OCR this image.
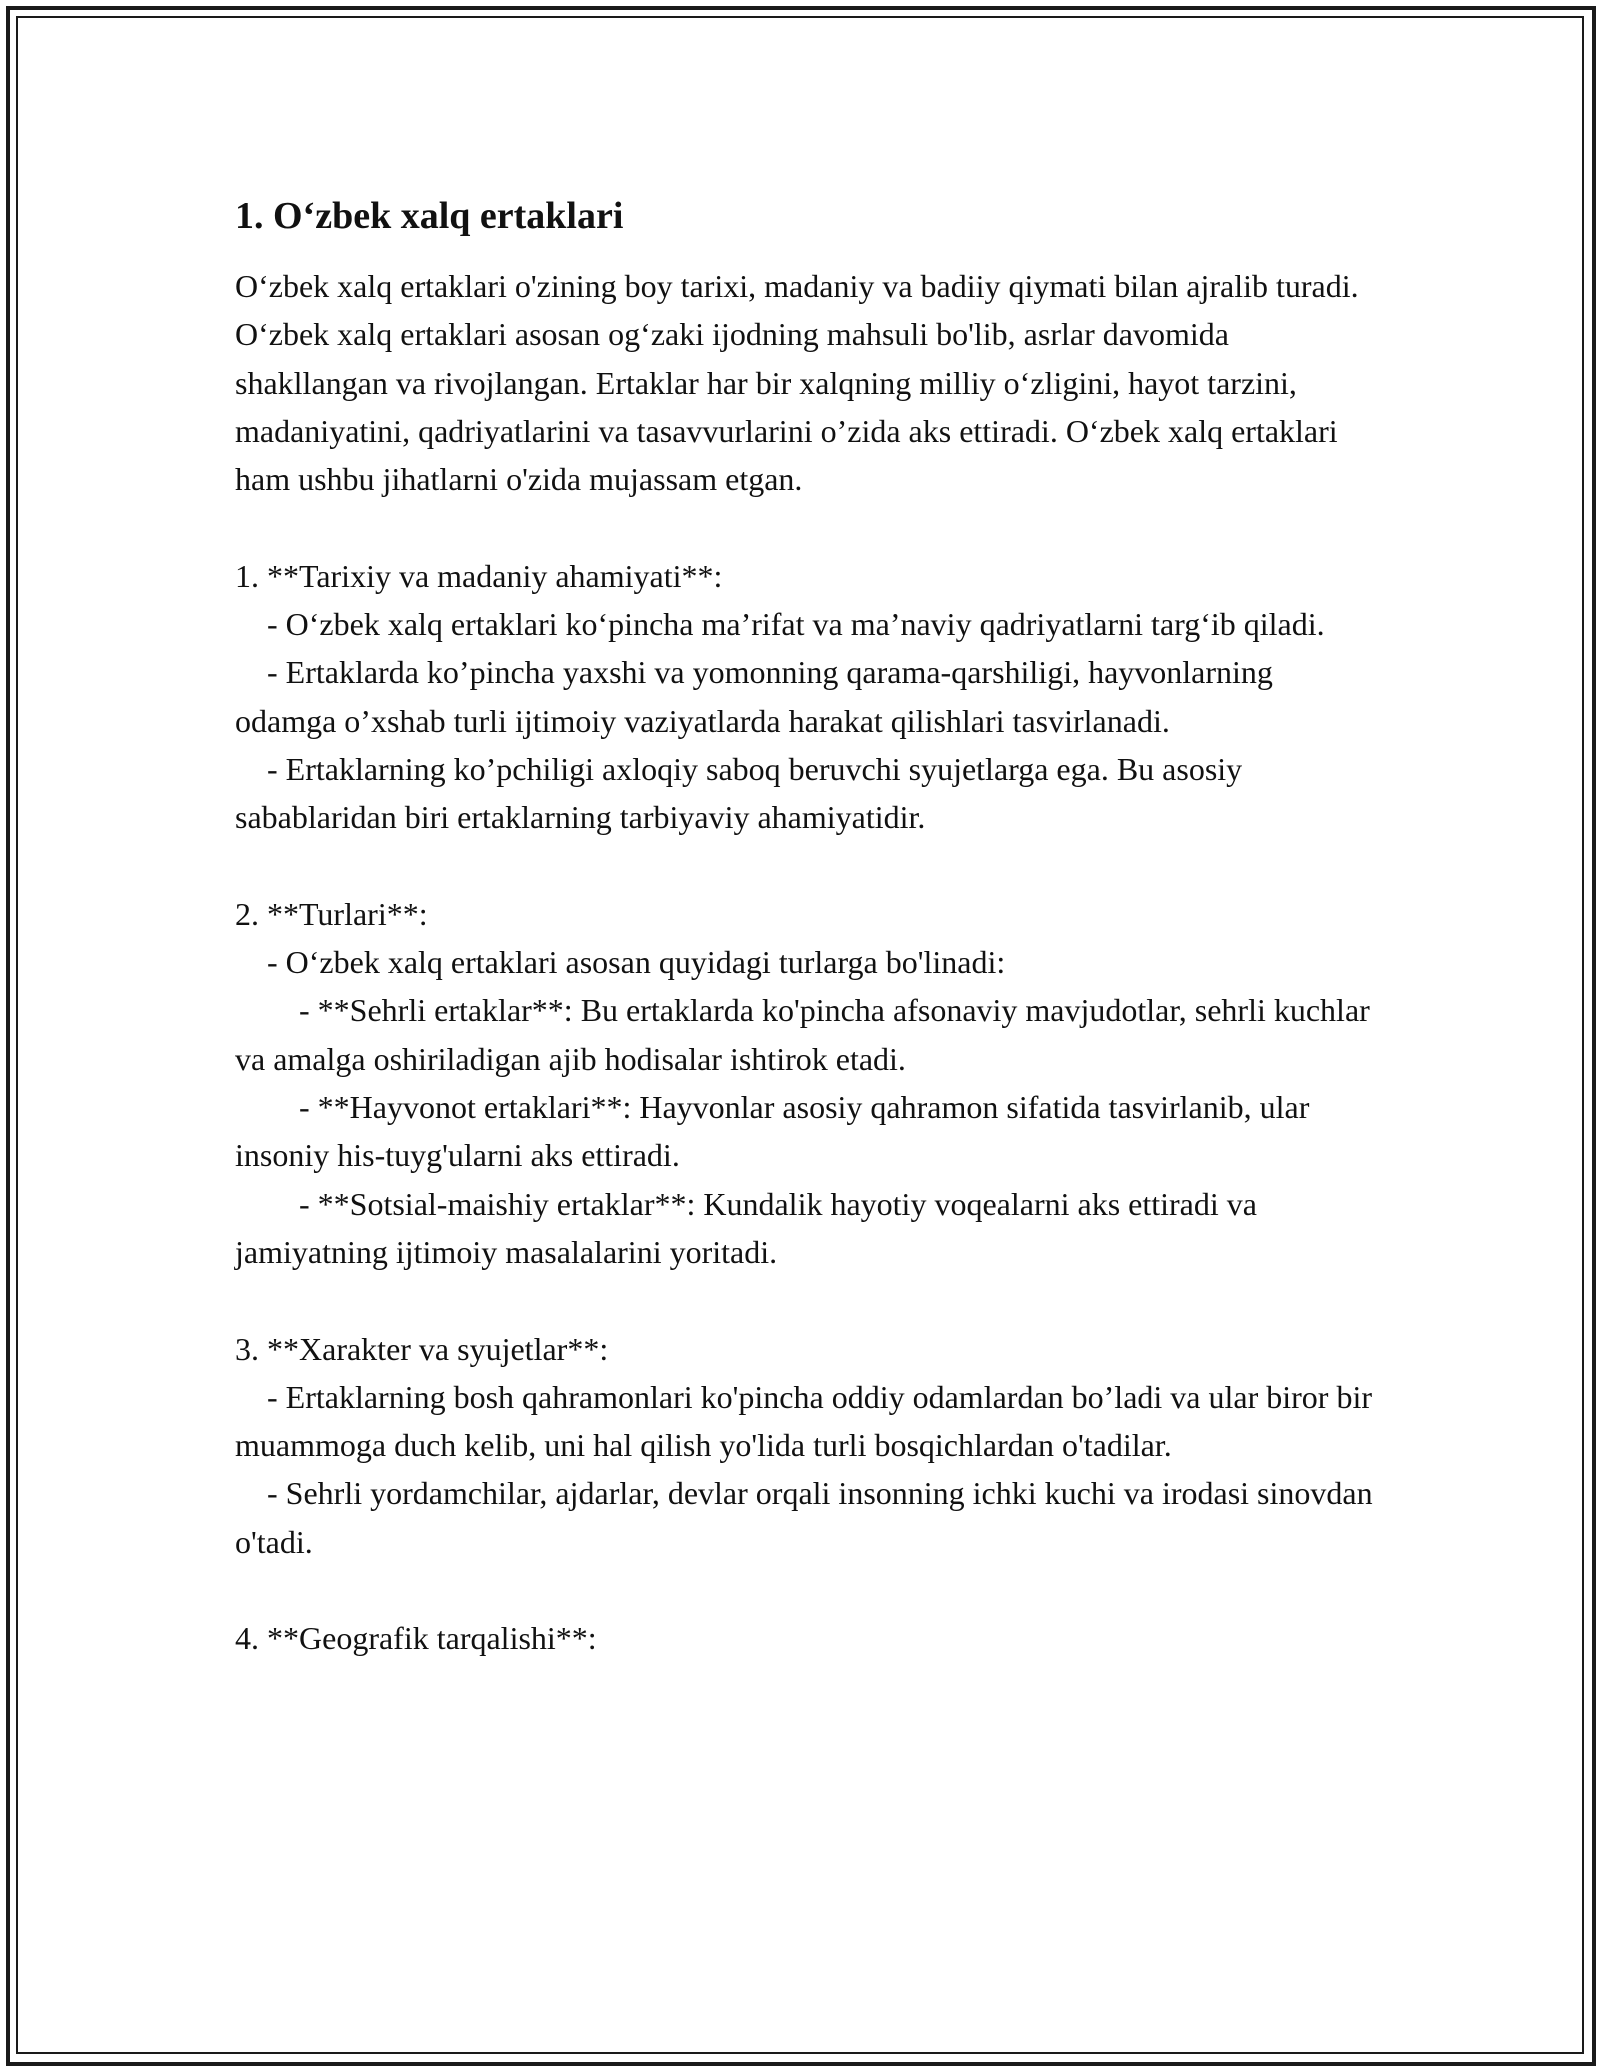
1. O‘zbek xalq ertaklari

O‘zbek xalq ertaklari o'zining boy tarixi, madaniy va badiiy qiymati bilan ajralib turadi. O‘zbek xalq ertaklari asosan og‘zaki ijodning mahsuli bo'lib, asrlar davomida shakllangan va rivojlangan. Ertaklar har bir xalqning milliy o‘zligini, hayot tarzini, madaniyatini, qadriyatlarini va tasavvurlarini o’zida aks ettiradi. O‘zbek xalq ertaklari ham ushbu jihatlarni o'zida mujassam etgan.

1. **Tarixiy va madaniy ahamiyati**:

- O‘zbek xalq ertaklari ko‘pincha ma’rifat va ma’naviy qadriyatlarni targ‘ib qiladi.

- Ertaklarda ko’pincha yaxshi va yomonning qarama-qarshiligi, hayvonlarning odamga o’xshab turli ijtimoiy vaziyatlarda harakat qilishlari tasvirlanadi.

- Ertaklarning ko’pchiligi axloqiy saboq beruvchi syujetlarga ega. Bu asosiy sabablaridan biri ertaklarning tarbiyaviy ahamiyatidir.

2. **Turlari**:

- O‘zbek xalq ertaklari asosan quyidagi turlarga bo'linadi:

- **Sehrli ertaklar**: Bu ertaklarda ko'pincha afsonaviy mavjudotlar, sehrli kuchlar va amalga oshiriladigan ajib hodisalar ishtirok etadi.

- **Hayvonot ertaklari**: Hayvonlar asosiy qahramon sifatida tasvirlanib, ular insoniy his-tuyg'ularni aks ettiradi.

- **Sotsial-maishiy ertaklar**: Kundalik hayotiy voqealarni aks ettiradi va jamiyatning ijtimoiy masalalarini yoritadi.

3. **Xarakter va syujetlar**:

- Ertaklarning bosh qahramonlari ko'pincha oddiy odamlardan bo’ladi va ular biror bir muammoga duch kelib, uni hal qilish yo'lida turli bosqichlardan o'tadilar.

- Sehrli yordamchilar, ajdarlar, devlar orqali insonning ichki kuchi va irodasi sinovdan o'tadi.

4. **Geografik tarqalishi**:
